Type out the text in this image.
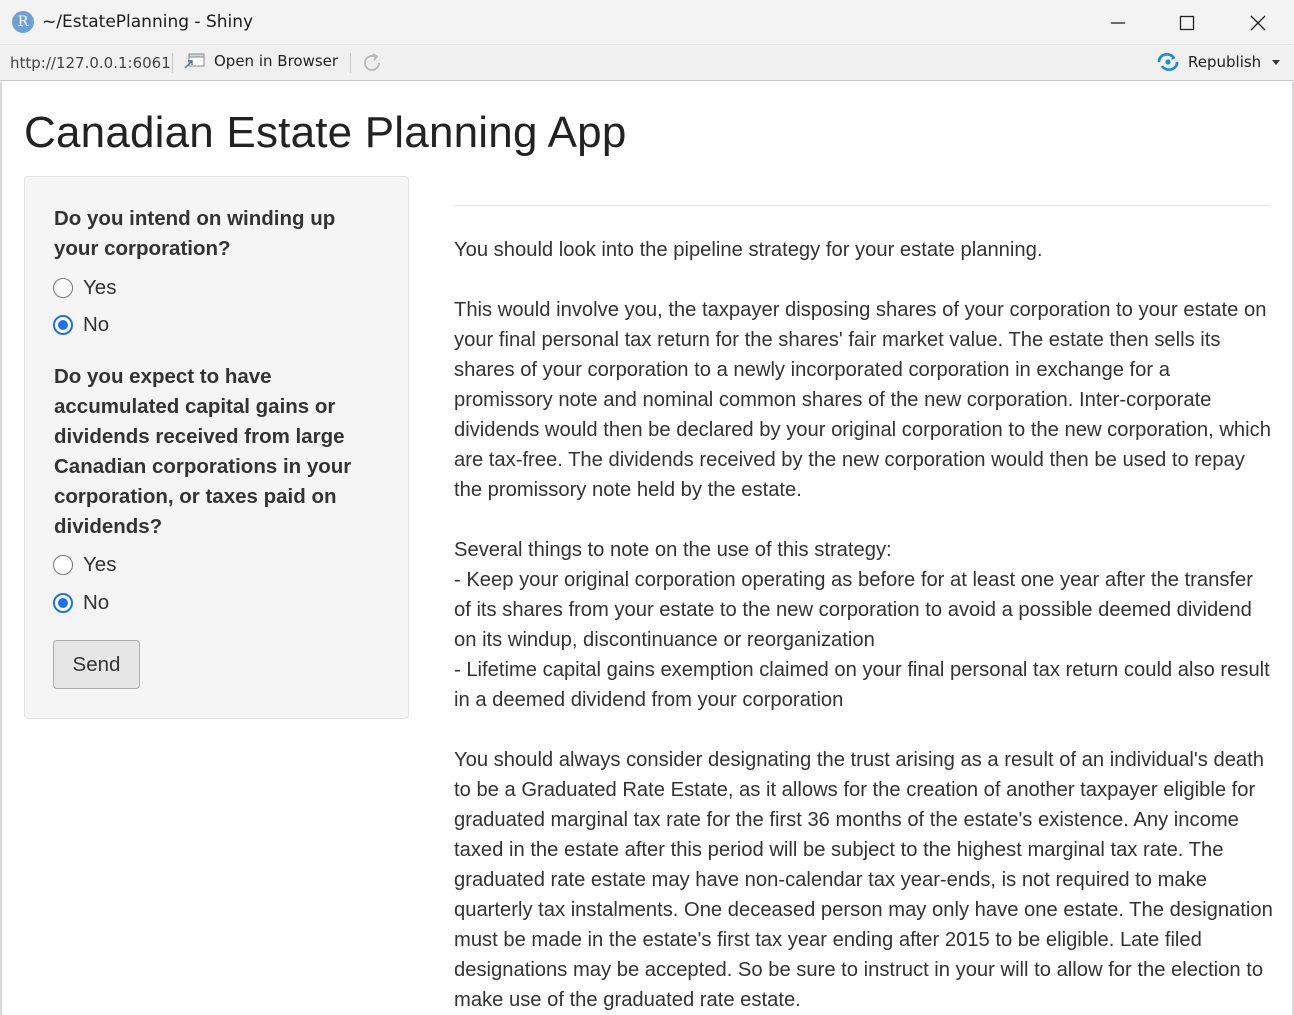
R ~/EstatePlanning - Shiny
http://127.0.0.1:6061	Open in Browser	Republish
Canadian Estate Planning App
Do you intend on winding up your corporation?
Yes
No
Do you expect to have accumulated capital gains or dividends received from large Canadian corporations in your corporation, or taxes paid on dividends?
Yes
No
Send
You should look into the pipeline strategy for your estate planning.

This would involve you, the taxpayer disposing shares of your corporation to your estate on your final personal tax return for the shares' fair market value. The estate then sells its shares of your corporation to a newly incorporated corporation in exchange for a promissory note and nominal common shares of the new corporation. Inter-corporate dividends would then be declared by your original corporation to the new corporation, which are tax-free. The dividends received by the new corporation would then be used to repay the promissory note held by the estate.

Several things to note on the use of this strategy:
- Keep your original corporation operating as before for at least one year after the transfer of its shares from your estate to the new corporation to avoid a possible deemed dividend on its windup, discontinuance or reorganization
- Lifetime capital gains exemption claimed on your final personal tax return could also result in a deemed dividend from your corporation

You should always consider designating the trust arising as a result of an individual's death to be a Graduated Rate Estate, as it allows for the creation of another taxpayer eligible for graduated marginal tax rate for the first 36 months of the estate's existence. Any income taxed in the estate after this period will be subject to the highest marginal tax rate. The graduated rate estate may have non-calendar tax year-ends, is not required to make quarterly tax instalments. One deceased person may only have one estate. The designation must be made in the estate's first tax year ending after 2015 to be eligible. Late filed designations may be accepted. So be sure to instruct in your will to allow for the election to make use of the graduated rate estate.
